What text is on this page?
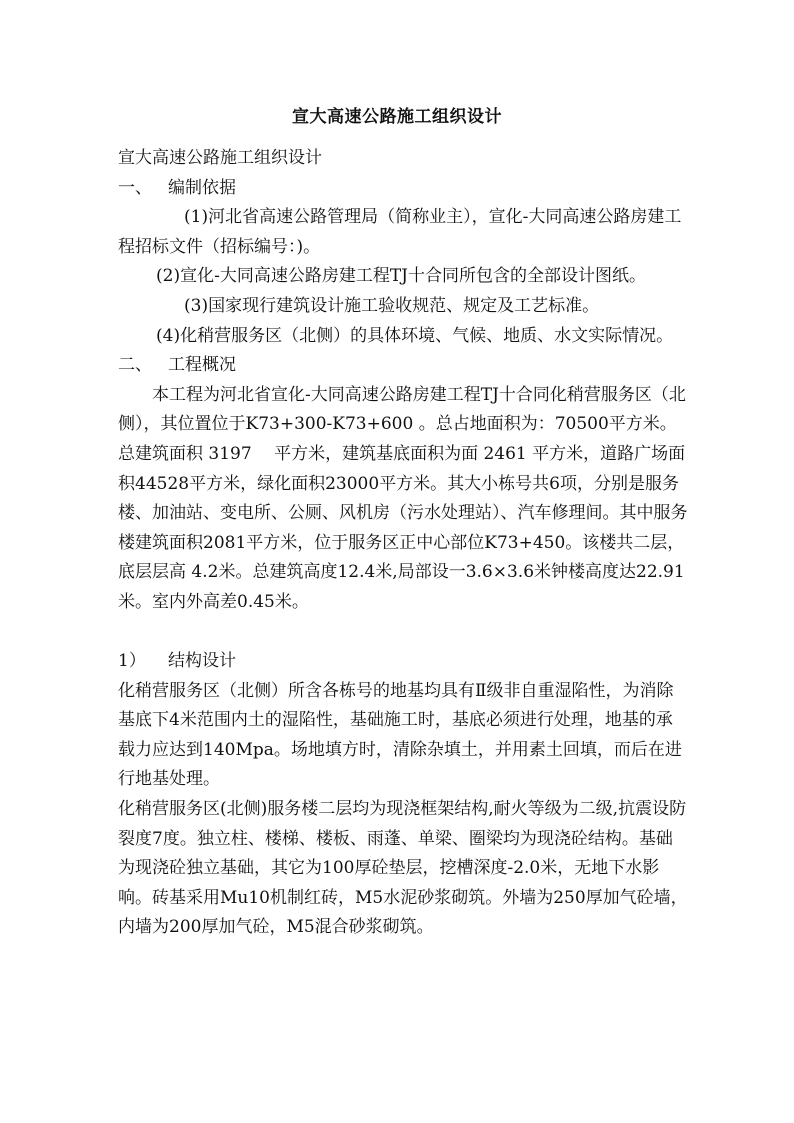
宣大高速公路施工组织设计

宣大高速公路施工组织设计

一、 编制依据

(1)河北省高速公路管理局（简称业主），宣化-大同高速公路房建工程招标文件（招标编号：)。

(2)宣化-大同高速公路房建工程TJ十合同所包含的全部设计图纸。

(3)国家现行建筑设计施工验收规范、规定及工艺标准。

(4)化稍营服务区（北侧）的具体环境、气候、地质、水文实际情况。

二、 工程概况

本工程为河北省宣化-大同高速公路房建工程TJ十合同化稍营服务区（北侧），其位置位于K73+300-K73+600 。总占地面积为：70500平方米。总建筑面积 3197　 平方米，建筑基底面积为面 2461 平方米，道路广场面积44528平方米，绿化面积23000平方米。其大小栋号共6项，分别是服务楼、加油站、变电所、公厕、风机房（污水处理站）、汽车修理间。其中服务楼建筑面积2081平方米，位于服务区正中心部位K73+450。该楼共二层，底层层高 4.2米。总建筑高度12.4米,局部设一3.6×3.6米钟楼高度达22.91米。室内外高差0.45米。

1） 结构设计

化稍营服务区（北侧）所含各栋号的地基均具有Ⅱ级非自重湿陷性，为消除基底下4米范围内土的湿陷性，基础施工时，基底必须进行处理，地基的承载力应达到140Mpa。场地填方时，清除杂填土，并用素土回填，而后在进行地基处理。

化稍营服务区(北侧)服务楼二层均为现浇框架结构,耐火等级为二级,抗震设防裂度7度。独立柱、楼梯、楼板、雨蓬、单梁、圈梁均为现浇砼结构。基础为现浇砼独立基础，其它为100厚砼垫层，挖槽深度-2.0米，无地下水影响。砖基采用Mu10机制红砖，M5水泥砂浆砌筑。外墙为250厚加气砼墙，内墙为200厚加气砼，M5混合砂浆砌筑。
